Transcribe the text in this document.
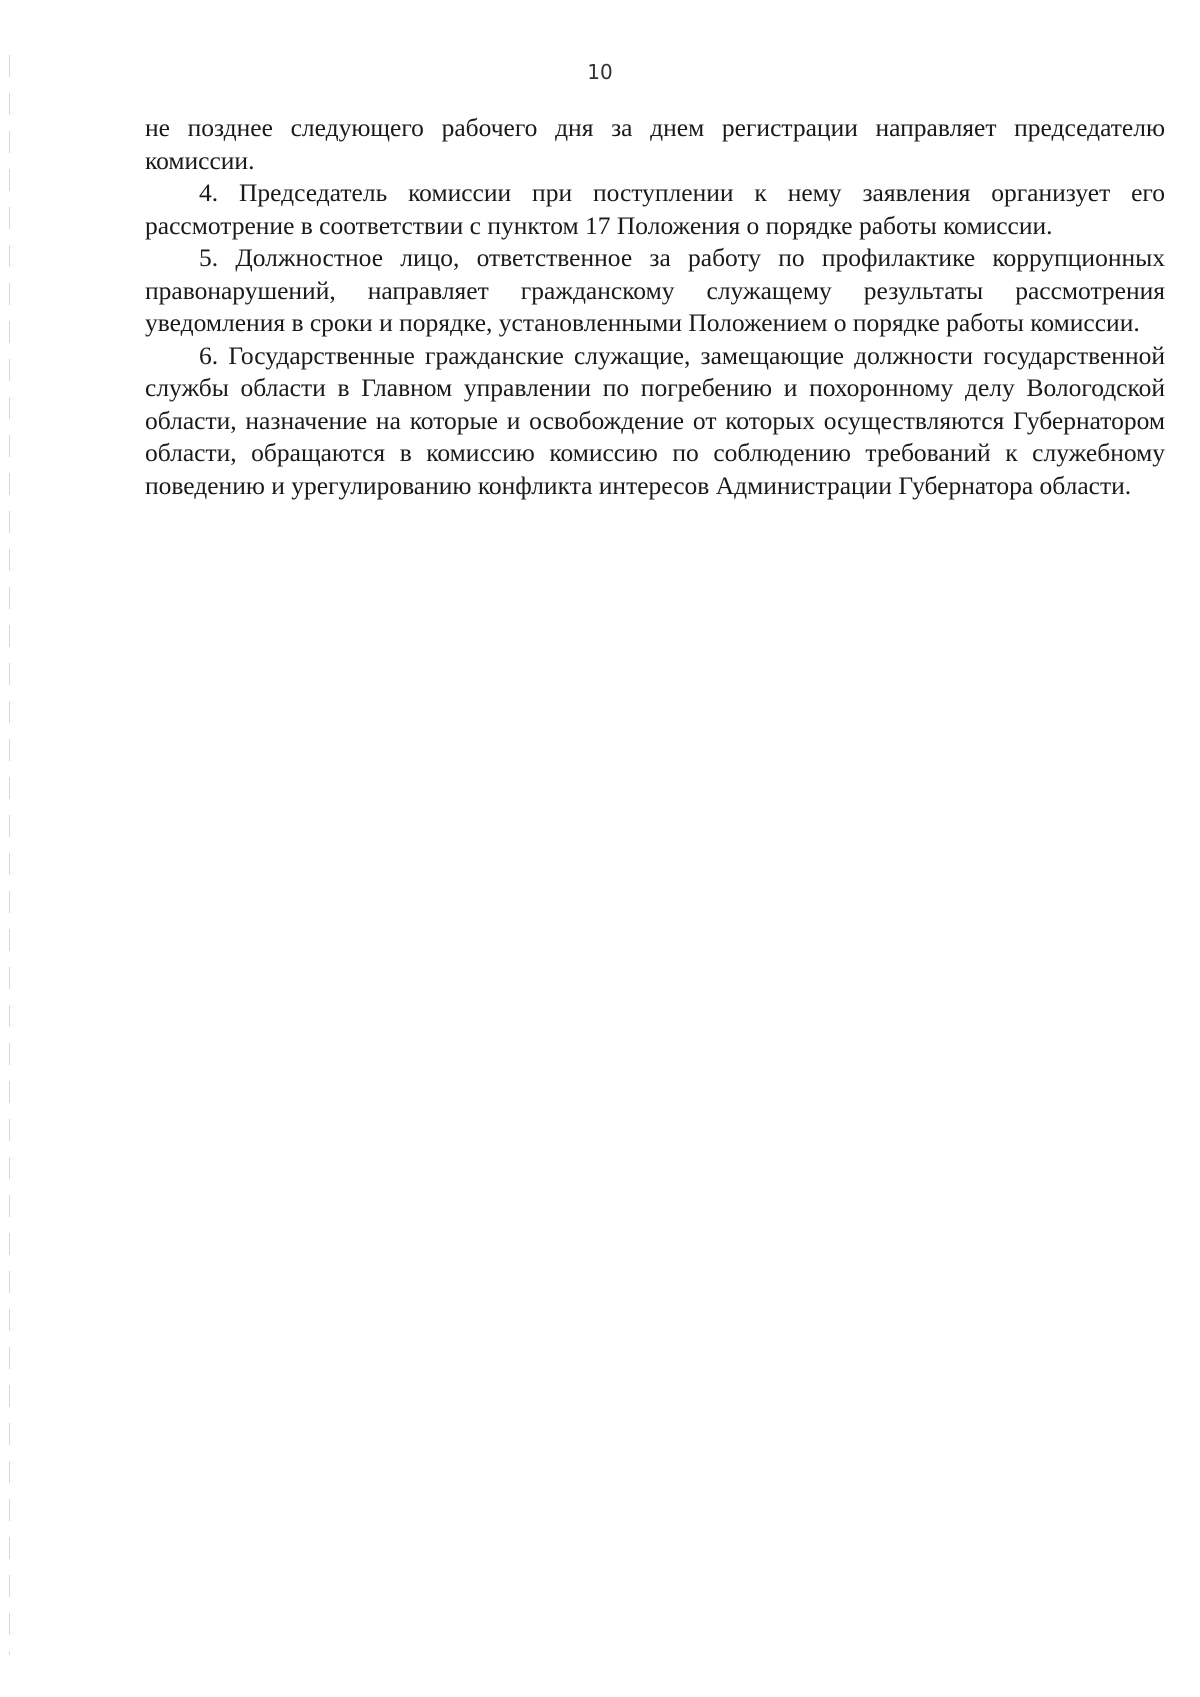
10

не позднее следующего рабочего дня за днем регистрации направляет председателю комиссии.

4. Председатель комиссии при поступлении к нему заявления организует его рассмотрение в соответствии с пунктом 17 Положения о порядке работы комиссии.

5. Должностное лицо, ответственное за работу по профилактике коррупционных правонарушений, направляет гражданскому служащему результаты рассмотрения уведомления в сроки и порядке, установленными Положением о порядке работы комиссии.

6. Государственные гражданские служащие, замещающие должности государственной службы области в Главном управлении по погребению и похоронному делу Вологодской области, назначение на которые и освобождение от которых осуществляются Губернатором области, обращаются в комиссию комиссию по соблюдению требований к служебному поведению и урегулированию конфликта интересов Администрации Губернатора области.
